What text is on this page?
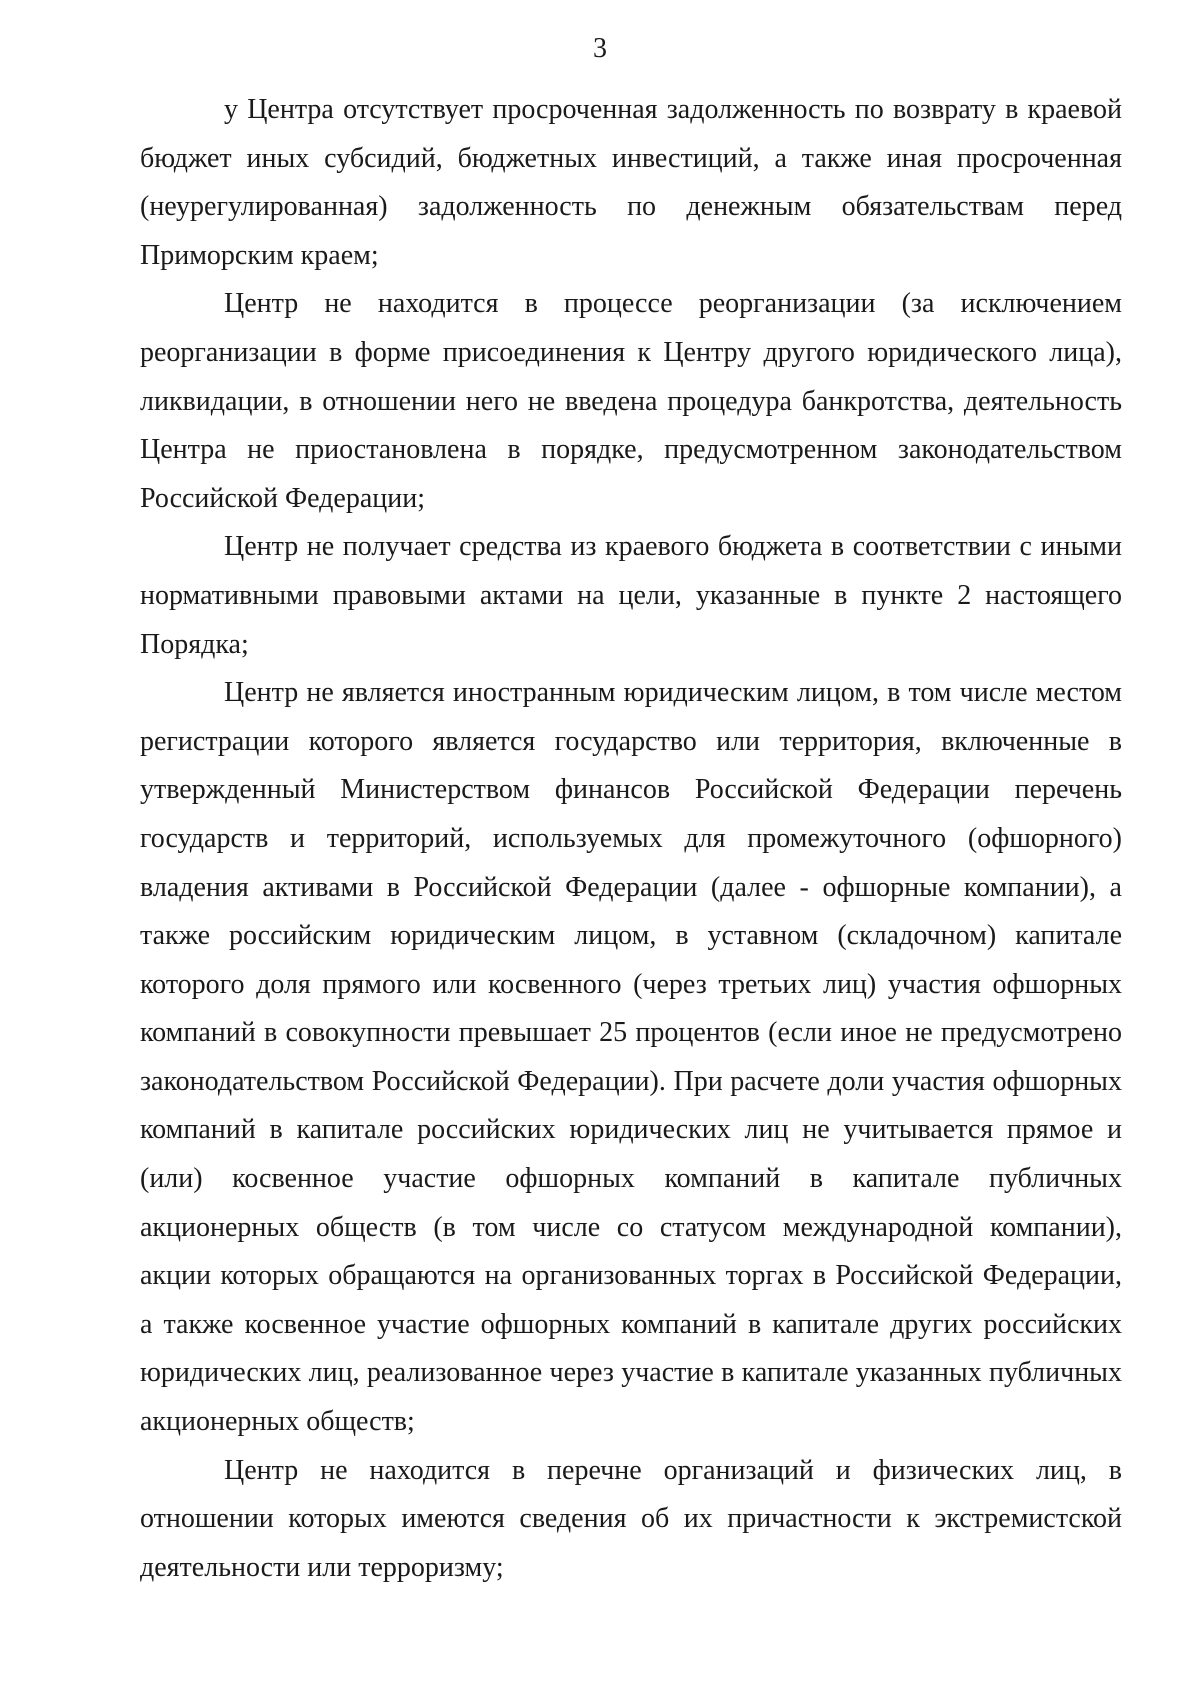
3

у Центра отсутствует просроченная задолженность по возврату в краевой бюджет иных субсидий, бюджетных инвестиций, а также иная просроченная (неурегулированная) задолженность по денежным обязательствам перед Приморским краем;

Центр не находится в процессе реорганизации (за исключением реорганизации в форме присоединения к Центру другого юридического лица), ликвидации, в отношении него не введена процедура банкротства, деятельность Центра не приостановлена в порядке, предусмотренном законодательством Российской Федерации;

Центр не получает средства из краевого бюджета в соответствии с иными нормативными правовыми актами на цели, указанные в пункте 2 настоящего Порядка;

Центр не является иностранным юридическим лицом, в том числе местом регистрации которого является государство или территория, включенные в утвержденный Министерством финансов Российской Федерации перечень государств и территорий, используемых для промежуточного (офшорного) владения активами в Российской Федерации (далее - офшорные компании), а также российским юридическим лицом, в уставном (складочном) капитале которого доля прямого или косвенного (через третьих лиц) участия офшорных компаний в совокупности превышает 25 процентов (если иное не предусмотрено законодательством Российской Федерации). При расчете доли участия офшорных компаний в капитале российских юридических лиц не учитывается прямое и (или) косвенное участие офшорных компаний в капитале публичных акционерных обществ (в том числе со статусом международной компании), акции которых обращаются на организованных торгах в Российской Федерации, а также косвенное участие офшорных компаний в капитале других российских юридических лиц, реализованное через участие в капитале указанных публичных акционерных обществ;

Центр не находится в перечне организаций и физических лиц, в отношении которых имеются сведения об их причастности к экстремистской деятельности или терроризму;
